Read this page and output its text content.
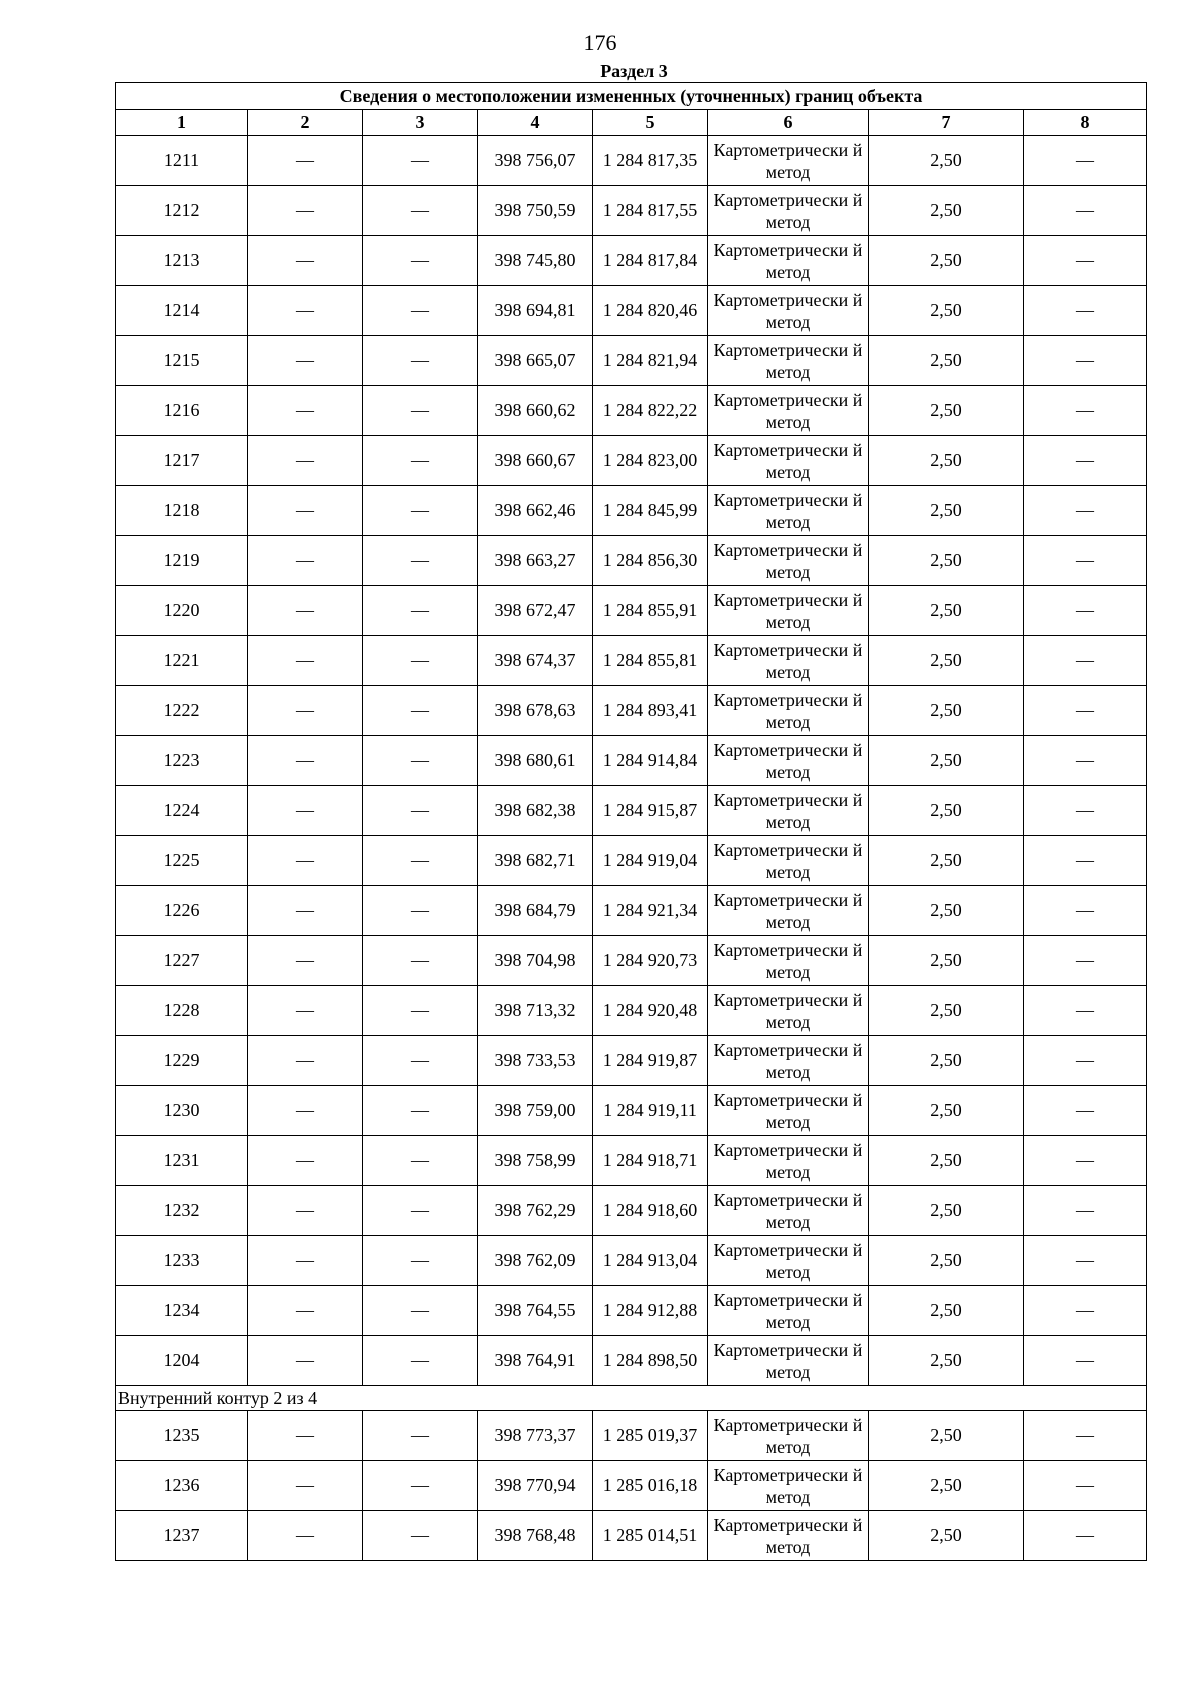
176
Раздел 3
Сведения о местоположении измененных (уточненных) границ объекта							
1	2	3	4	5	6	7	8
1211	—	—	398 756,07	1 284 817,35	Картометрически й метод	2,50	—
1212	—	—	398 750,59	1 284 817,55	Картометрически й метод	2,50	—
1213	—	—	398 745,80	1 284 817,84	Картометрически й метод	2,50	—
1214	—	—	398 694,81	1 284 820,46	Картометрически й метод	2,50	—
1215	—	—	398 665,07	1 284 821,94	Картометрически й метод	2,50	—
1216	—	—	398 660,62	1 284 822,22	Картометрически й метод	2,50	—
1217	—	—	398 660,67	1 284 823,00	Картометрически й метод	2,50	—
1218	—	—	398 662,46	1 284 845,99	Картометрически й метод	2,50	—
1219	—	—	398 663,27	1 284 856,30	Картометрически й метод	2,50	—
1220	—	—	398 672,47	1 284 855,91	Картометрически й метод	2,50	—
1221	—	—	398 674,37	1 284 855,81	Картометрически й метод	2,50	—
1222	—	—	398 678,63	1 284 893,41	Картометрически й метод	2,50	—
1223	—	—	398 680,61	1 284 914,84	Картометрически й метод	2,50	—
1224	—	—	398 682,38	1 284 915,87	Картометрически й метод	2,50	—
1225	—	—	398 682,71	1 284 919,04	Картометрически й метод	2,50	—
1226	—	—	398 684,79	1 284 921,34	Картометрически й метод	2,50	—
1227	—	—	398 704,98	1 284 920,73	Картометрически й метод	2,50	—
1228	—	—	398 713,32	1 284 920,48	Картометрически й метод	2,50	—
1229	—	—	398 733,53	1 284 919,87	Картометрически й метод	2,50	—
1230	—	—	398 759,00	1 284 919,11	Картометрически й метод	2,50	—
1231	—	—	398 758,99	1 284 918,71	Картометрически й метод	2,50	—
1232	—	—	398 762,29	1 284 918,60	Картометрически й метод	2,50	—
1233	—	—	398 762,09	1 284 913,04	Картометрически й метод	2,50	—
1234	—	—	398 764,55	1 284 912,88	Картометрически й метод	2,50	—
1204	—	—	398 764,91	1 284 898,50	Картометрически й метод	2,50	—
Внутренний контур 2 из 4							
1235	—	—	398 773,37	1 285 019,37	Картометрически й метод	2,50	—
1236	—	—	398 770,94	1 285 016,18	Картометрически й метод	2,50	—
1237	—	—	398 768,48	1 285 014,51	Картометрически й метод	2,50	—
